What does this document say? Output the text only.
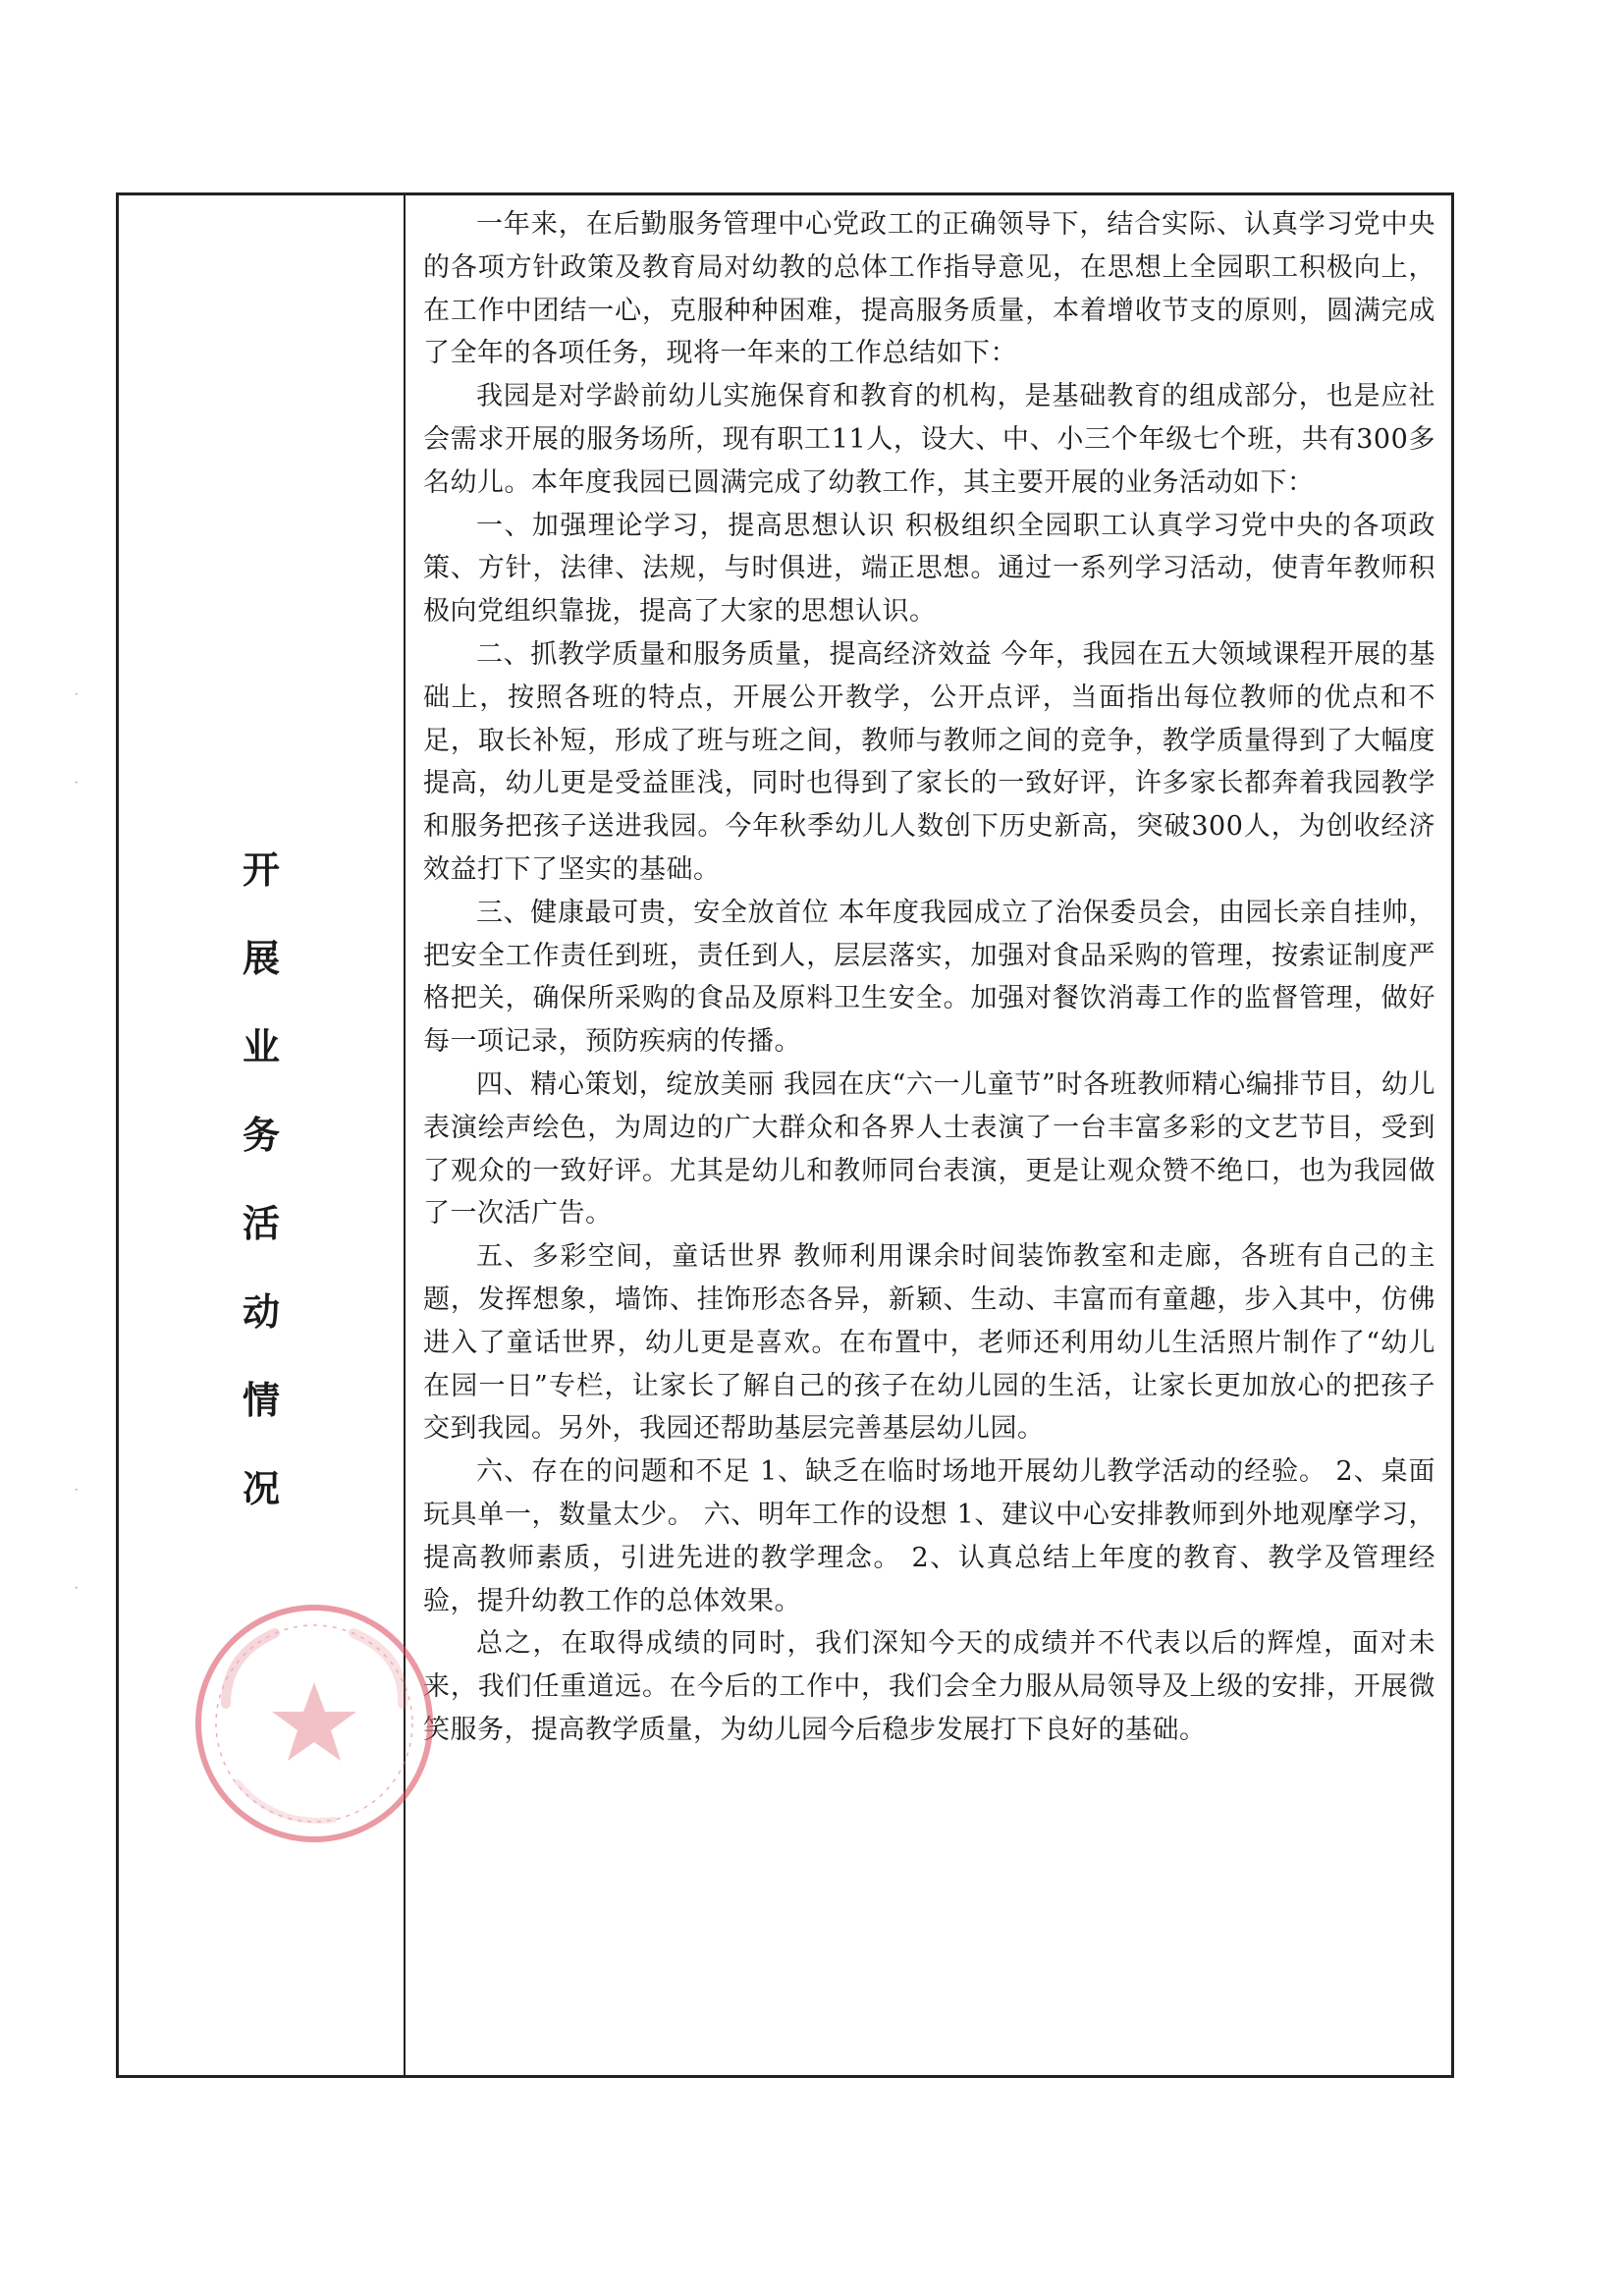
·
·
·
·
开
展
业
务
活
动
情
况

一年来，在后勤服务管理中心党政工的正确领导下，结合实际、认真学习党中央的各项方针政策及教育局对幼教的总体工作指导意见，在思想上全园职工积极向上，在工作中团结一心，克服种种困难，提高服务质量，本着增收节支的原则，圆满完成了全年的各项任务，现将一年来的工作总结如下：

我园是对学龄前幼儿实施保育和教育的机构，是基础教育的组成部分，也是应社会需求开展的服务场所，现有职工11人，设大、中、小三个年级七个班，共有300多名幼儿。本年度我园已圆满完成了幼教工作，其主要开展的业务活动如下：

一、加强理论学习，提高思想认识 积极组织全园职工认真学习党中央的各项政策、方针，法律、法规，与时俱进，端正思想。通过一系列学习活动，使青年教师积极向党组织靠拢，提高了大家的思想认识。

二、抓教学质量和服务质量，提高经济效益 今年，我园在五大领域课程开展的基础上，按照各班的特点，开展公开教学，公开点评，当面指出每位教师的优点和不足，取长补短，形成了班与班之间，教师与教师之间的竞争，教学质量得到了大幅度提高，幼儿更是受益匪浅，同时也得到了家长的一致好评，许多家长都奔着我园教学和服务把孩子送进我园。今年秋季幼儿人数创下历史新高，突破300人，为创收经济效益打下了坚实的基础。

三、健康最可贵，安全放首位 本年度我园成立了治保委员会，由园长亲自挂帅，把安全工作责任到班，责任到人，层层落实，加强对食品采购的管理，按索证制度严格把关，确保所采购的食品及原料卫生安全。加强对餐饮消毒工作的监督管理，做好每一项记录，预防疾病的传播。

四、精心策划，绽放美丽 我园在庆“六一儿童节”时各班教师精心编排节目，幼儿表演绘声绘色，为周边的广大群众和各界人士表演了一台丰富多彩的文艺节目，受到了观众的一致好评。尤其是幼儿和教师同台表演，更是让观众赞不绝口，也为我园做了一次活广告。

五、多彩空间，童话世界 教师利用课余时间装饰教室和走廊，各班有自己的主题，发挥想象，墙饰、挂饰形态各异，新颖、生动、丰富而有童趣，步入其中，仿佛进入了童话世界，幼儿更是喜欢。在布置中，老师还利用幼儿生活照片制作了“幼儿在园一日”专栏，让家长了解自己的孩子在幼儿园的生活，让家长更加放心的把孩子交到我园。另外，我园还帮助基层完善基层幼儿园。

六、存在的问题和不足 1、缺乏在临时场地开展幼儿教学活动的经验。 2、桌面玩具单一，数量太少。 六、明年工作的设想 1、建议中心安排教师到外地观摩学习，提高教师素质，引进先进的教学理念。 2、认真总结上年度的教育、教学及管理经验，提升幼教工作的总体效果。

总之，在取得成绩的同时，我们深知今天的成绩并不代表以后的辉煌，面对未来，我们任重道远。在今后的工作中，我们会全力服从局领导及上级的安排，开展微笑服务，提高教学质量，为幼儿园今后稳步发展打下良好的基础。
